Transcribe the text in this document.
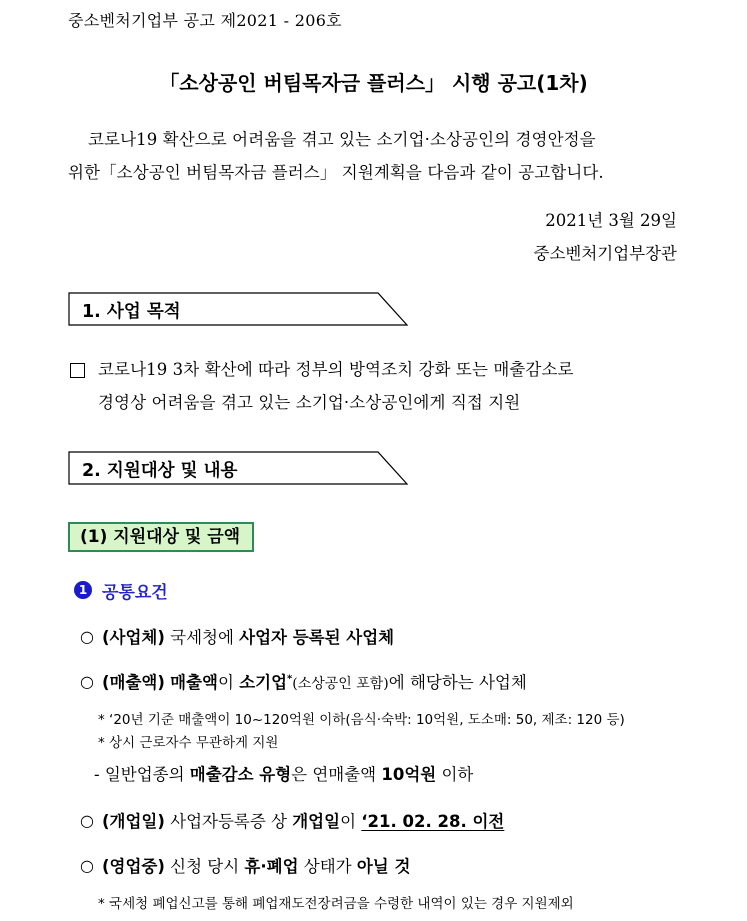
중소벤처기업부 공고 제2021 - 206호
「소상공인 버팀목자금 플러스」 시행 공고(1차)
코로나19 확산으로 어려움을 겪고 있는 소기업·소상공인의 경영안정을
위한「소상공인 버팀목자금 플러스」 지원계획을 다음과 같이 공고합니다.
2021년 3월 29일
중소벤처기업부장관
1. 사업 목적
코로나19 3차 확산에 따라 정부의 방역조치 강화 또는 매출감소로
경영상 어려움을 겪고 있는 소기업·소상공인에게 직접 지원
2. 지원대상 및 내용
(1) 지원대상 및 금액
1 공통요건
○ (사업체) 국세청에 사업자 등록된 사업체
○ (매출액) 매출액이 소기업*(소상공인 포함)에 해당하는 사업체
* ‘20년 기준 매출액이 10~120억원 이하(음식·숙박: 10억원, 도소매: 50, 제조: 120 등)
* 상시 근로자수 무관하게 지원
- 일반업종의 매출감소 유형은 연매출액 10억원 이하
○ (개업일) 사업자등록증 상 개업일이 ‘21. 02. 28. 이전
○ (영업중) 신청 당시 휴·폐업 상태가 아닐 것
* 국세청 폐업신고를 통해 폐업재도전장려금을 수령한 내역이 있는 경우 지원제외
